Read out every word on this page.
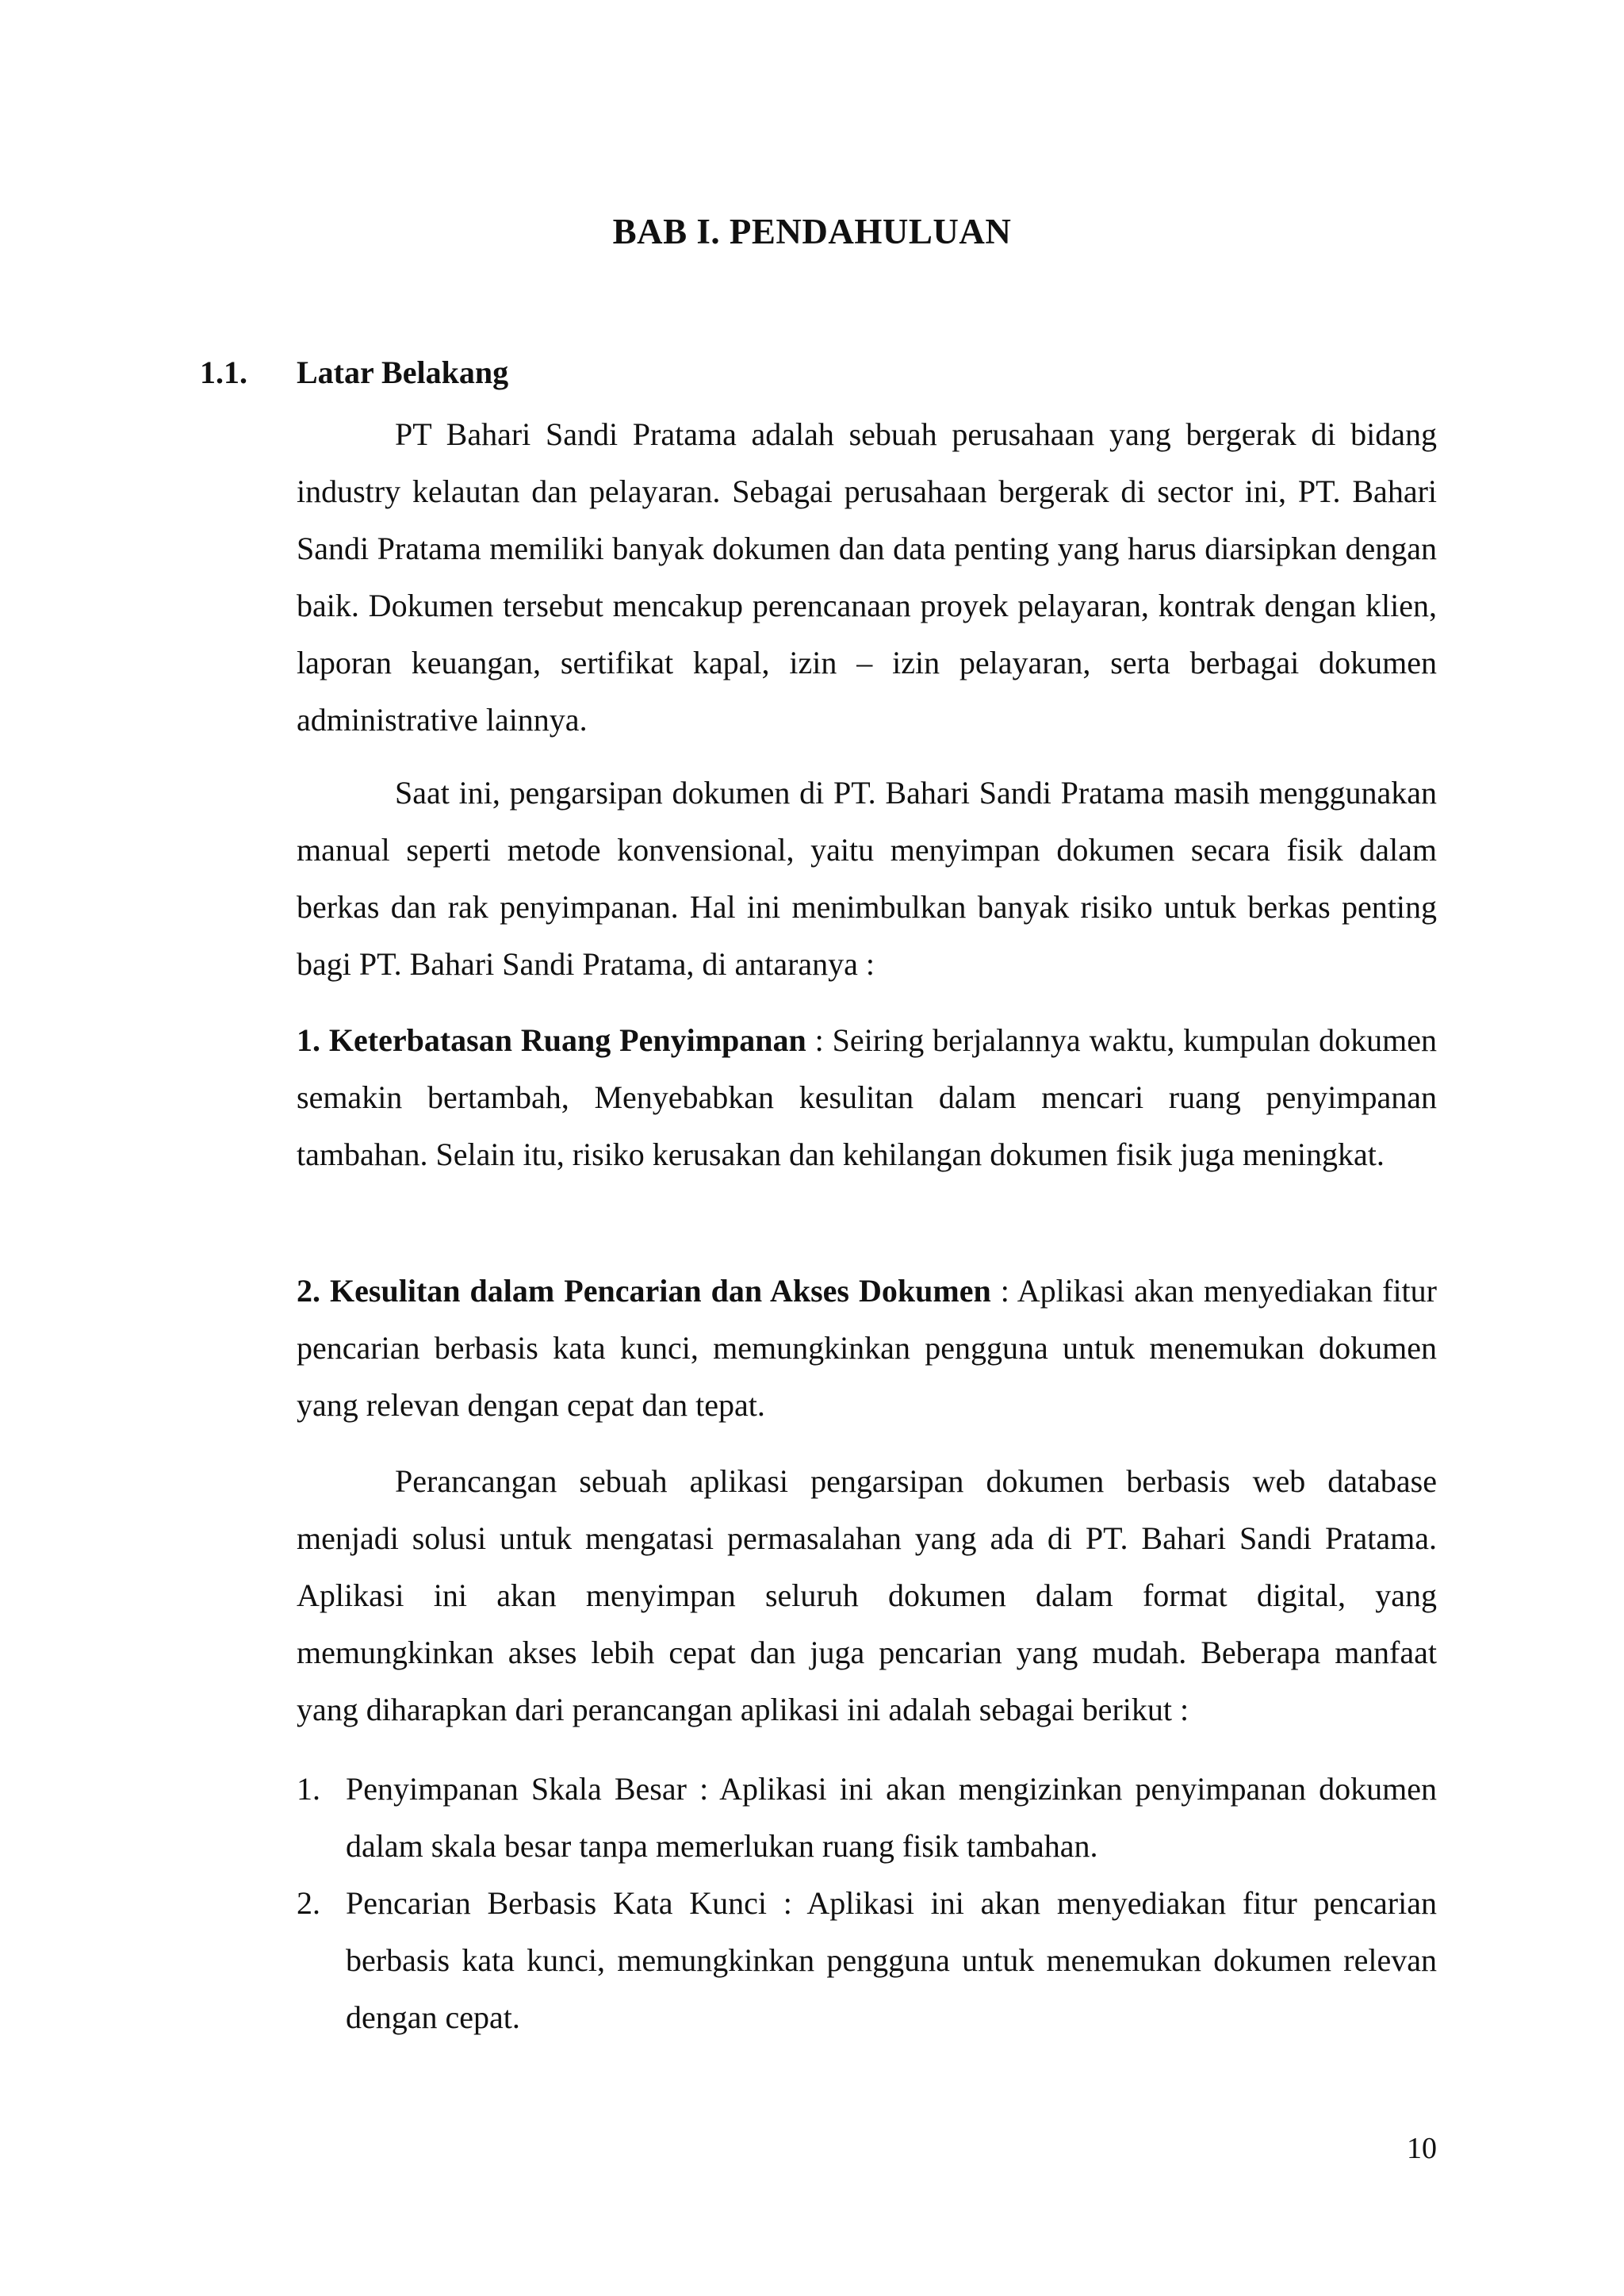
BAB I. PENDAHULUAN
1.1. Latar Belakang

PT Bahari Sandi Pratama adalah sebuah perusahaan yang bergerak di bidang industry kelautan dan pelayaran. Sebagai perusahaan bergerak di sector ini, PT. Bahari Sandi Pratama memiliki banyak dokumen dan data penting yang harus diarsipkan dengan baik. Dokumen tersebut mencakup perencanaan proyek pelayaran, kontrak dengan klien, laporan keuangan, sertifikat kapal, izin – izin pelayaran, serta berbagai dokumen administrative lainnya.

Saat ini, pengarsipan dokumen di PT. Bahari Sandi Pratama masih menggunakan manual seperti metode konvensional, yaitu menyimpan dokumen secara fisik dalam berkas dan rak penyimpanan. Hal ini menimbulkan banyak risiko untuk berkas penting bagi PT. Bahari Sandi Pratama, di antaranya :

1. Keterbatasan Ruang Penyimpanan : Seiring berjalannya waktu, kumpulan dokumen semakin bertambah, Menyebabkan kesulitan dalam mencari ruang penyimpanan tambahan. Selain itu, risiko kerusakan dan kehilangan dokumen fisik juga meningkat.

2. Kesulitan dalam Pencarian dan Akses Dokumen : Aplikasi akan menyediakan fitur pencarian berbasis kata kunci, memungkinkan pengguna untuk menemukan dokumen yang relevan dengan cepat dan tepat.

Perancangan sebuah aplikasi pengarsipan dokumen berbasis web database menjadi solusi untuk mengatasi permasalahan yang ada di PT. Bahari Sandi Pratama. Aplikasi ini akan menyimpan seluruh dokumen dalam format digital, yang memungkinkan akses lebih cepat dan juga pencarian yang mudah. Beberapa manfaat yang diharapkan dari perancangan aplikasi ini adalah sebagai berikut :

1. Penyimpanan Skala Besar : Aplikasi ini akan mengizinkan penyimpanan dokumen dalam skala besar tanpa memerlukan ruang fisik tambahan.
2. Pencarian Berbasis Kata Kunci : Aplikasi ini akan menyediakan fitur pencarian berbasis kata kunci, memungkinkan pengguna untuk menemukan dokumen relevan dengan cepat.
10
